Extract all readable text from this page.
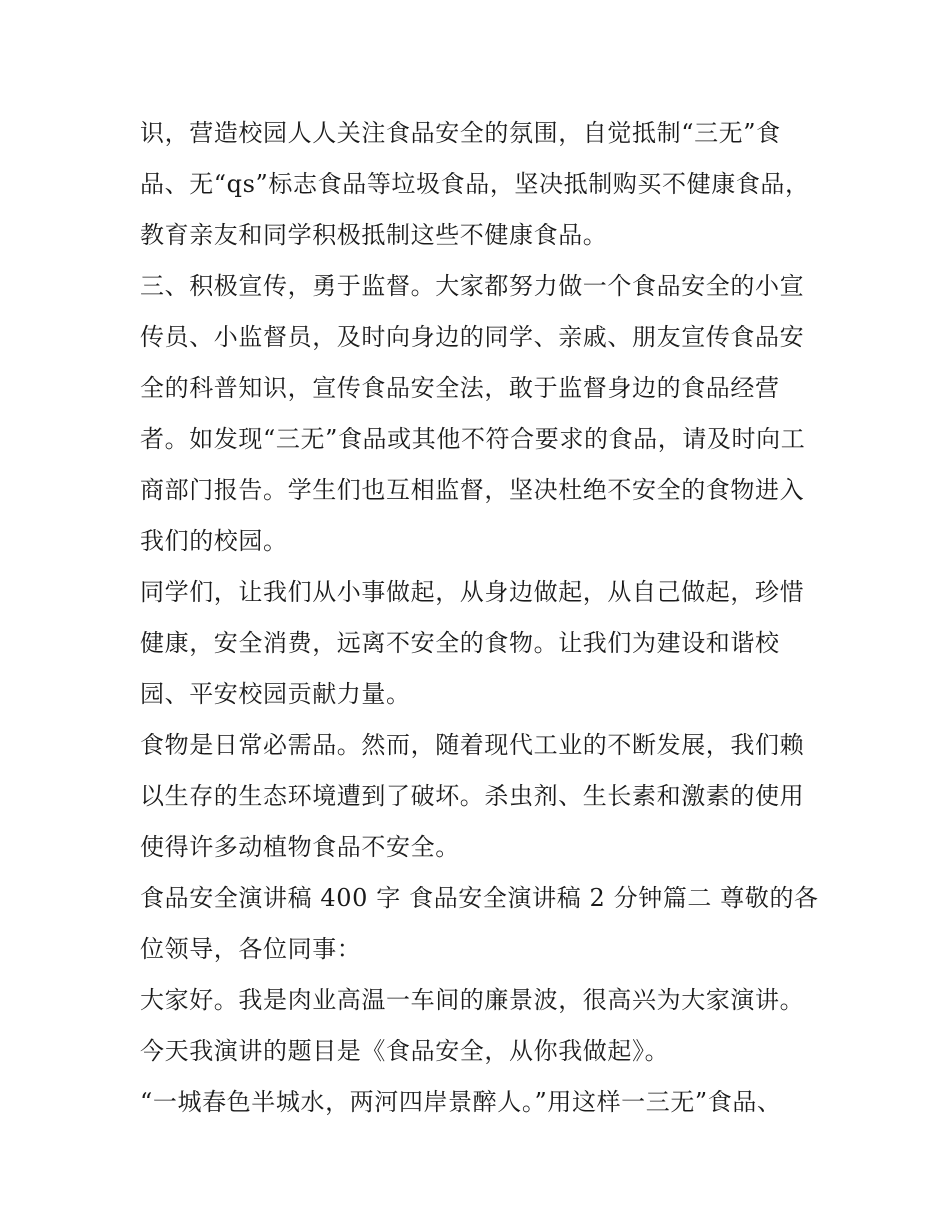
识，营造校园人人关注食品安全的氛围，自觉抵制“三无”食
品、无“qs”标志食品等垃圾食品，坚决抵制购买不健康食品，
教育亲友和同学积极抵制这些不健康食品。
三、积极宣传，勇于监督。大家都努力做一个食品安全的小宣
传员、小监督员，及时向身边的同学、亲戚、朋友宣传食品安
全的科普知识，宣传食品安全法，敢于监督身边的食品经营
者。如发现“三无”食品或其他不符合要求的食品，请及时向工
商部门报告。学生们也互相监督，坚决杜绝不安全的食物进入
我们的校园。
同学们，让我们从小事做起，从身边做起，从自己做起，珍惜
健康，安全消费，远离不安全的食物。让我们为建设和谐校
园、平安校园贡献力量。
食物是日常必需品。然而，随着现代工业的不断发展，我们赖
以生存的生态环境遭到了破坏。杀虫剂、生长素和激素的使用
使得许多动植物食品不安全。
食品安全演讲稿 400 字 食品安全演讲稿 2 分钟篇二 尊敬的各
位领导，各位同事：
大家好。我是肉业高温一车间的廉景波，很高兴为大家演讲。
今天我演讲的题目是《食品安全，从你我做起》。
“一城春色半城水，两河四岸景醉人。”用这样一三无”食品、
